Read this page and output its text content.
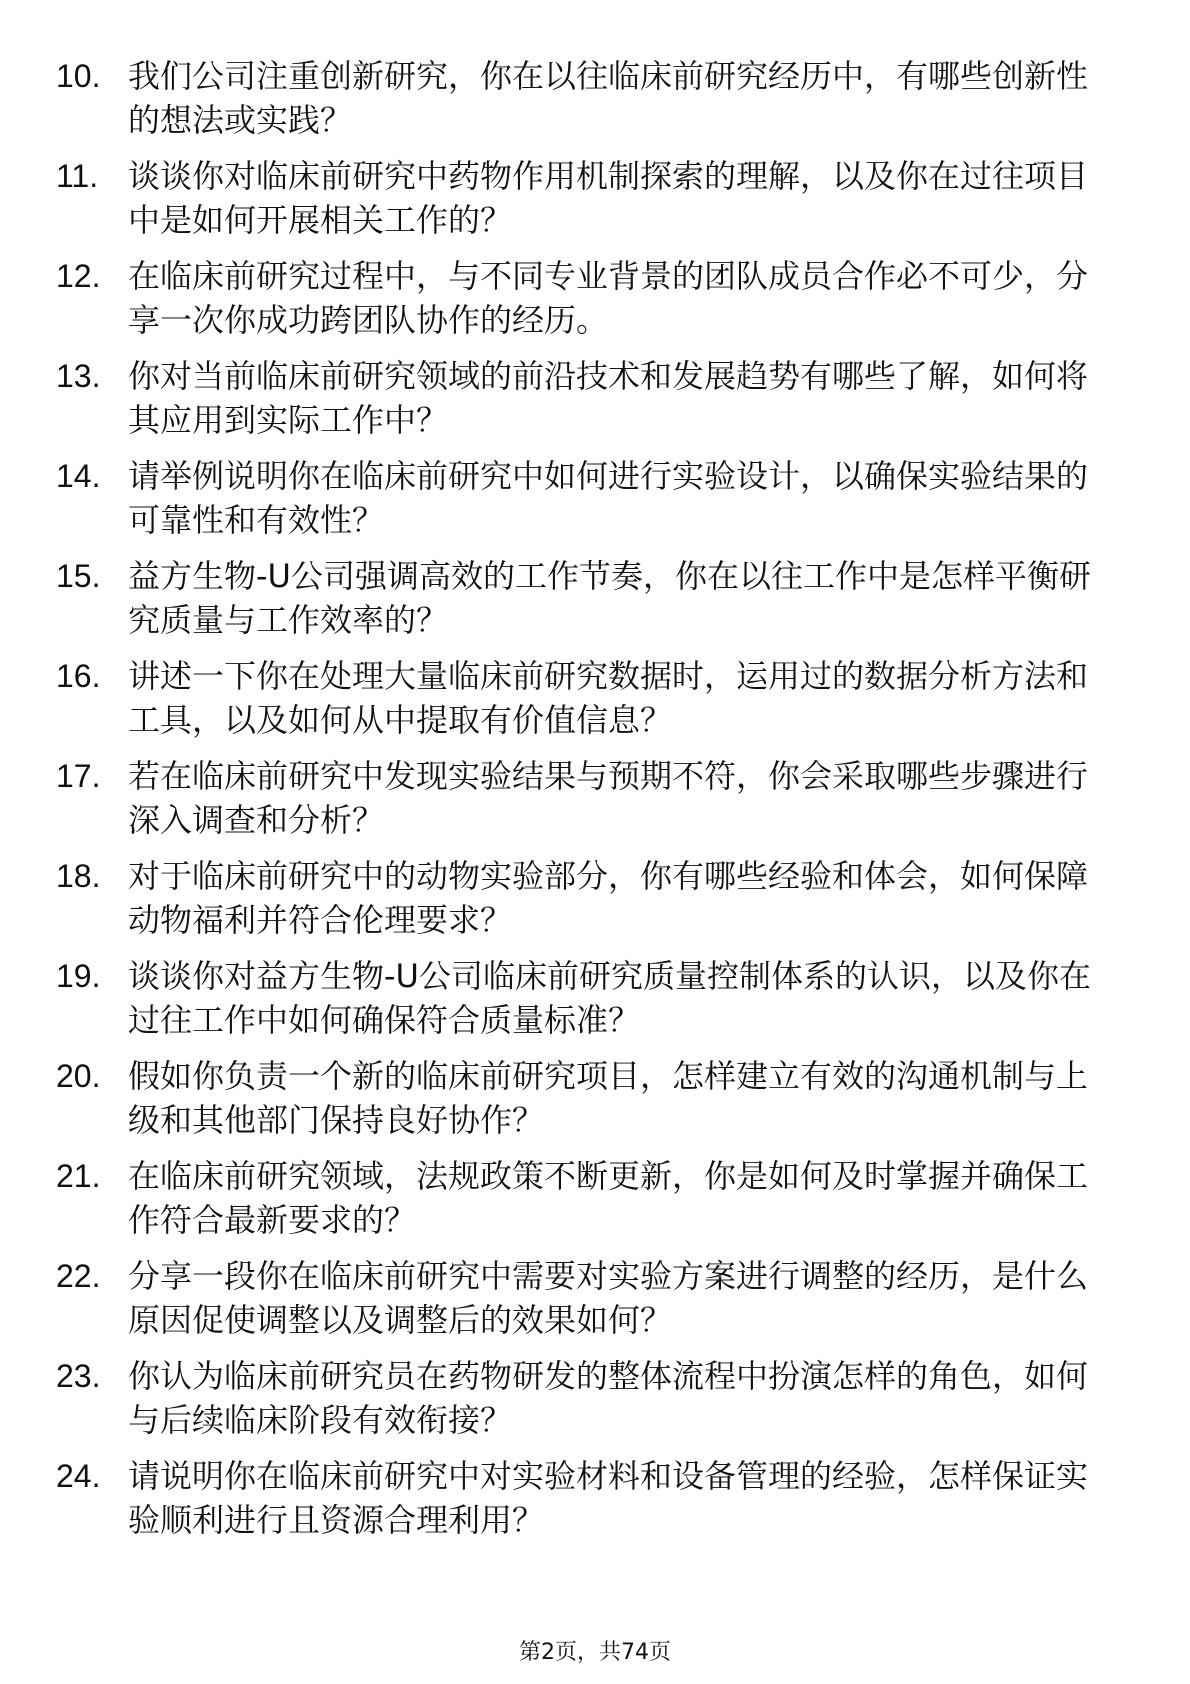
10. 我们公司注重创新研究，你在以往临床前研究经历中，有哪些创新性的想法或实践？
11. 谈谈你对临床前研究中药物作用机制探索的理解，以及你在过往项目中是如何开展相关工作的？
12. 在临床前研究过程中，与不同专业背景的团队成员合作必不可少，分享一次你成功跨团队协作的经历。
13. 你对当前临床前研究领域的前沿技术和发展趋势有哪些了解，如何将其应用到实际工作中？
14. 请举例说明你在临床前研究中如何进行实验设计，以确保实验结果的可靠性和有效性？
15. 益方生物-U公司强调高效的工作节奏，你在以往工作中是怎样平衡研究质量与工作效率的？
16. 讲述一下你在处理大量临床前研究数据时，运用过的数据分析方法和工具，以及如何从中提取有价值信息？
17. 若在临床前研究中发现实验结果与预期不符，你会采取哪些步骤进行深入调查和分析？
18. 对于临床前研究中的动物实验部分，你有哪些经验和体会，如何保障动物福利并符合伦理要求？
19. 谈谈你对益方生物-U公司临床前研究质量控制体系的认识，以及你在过往工作中如何确保符合质量标准？
20. 假如你负责一个新的临床前研究项目，怎样建立有效的沟通机制与上级和其他部门保持良好协作？
21. 在临床前研究领域，法规政策不断更新，你是如何及时掌握并确保工作符合最新要求的？
22. 分享一段你在临床前研究中需要对实验方案进行调整的经历，是什么原因促使调整以及调整后的效果如何？
23. 你认为临床前研究员在药物研发的整体流程中扮演怎样的角色，如何与后续临床阶段有效衔接？
24. 请说明你在临床前研究中对实验材料和设备管理的经验，怎样保证实验顺利进行且资源合理利用？
第2页，共74页
